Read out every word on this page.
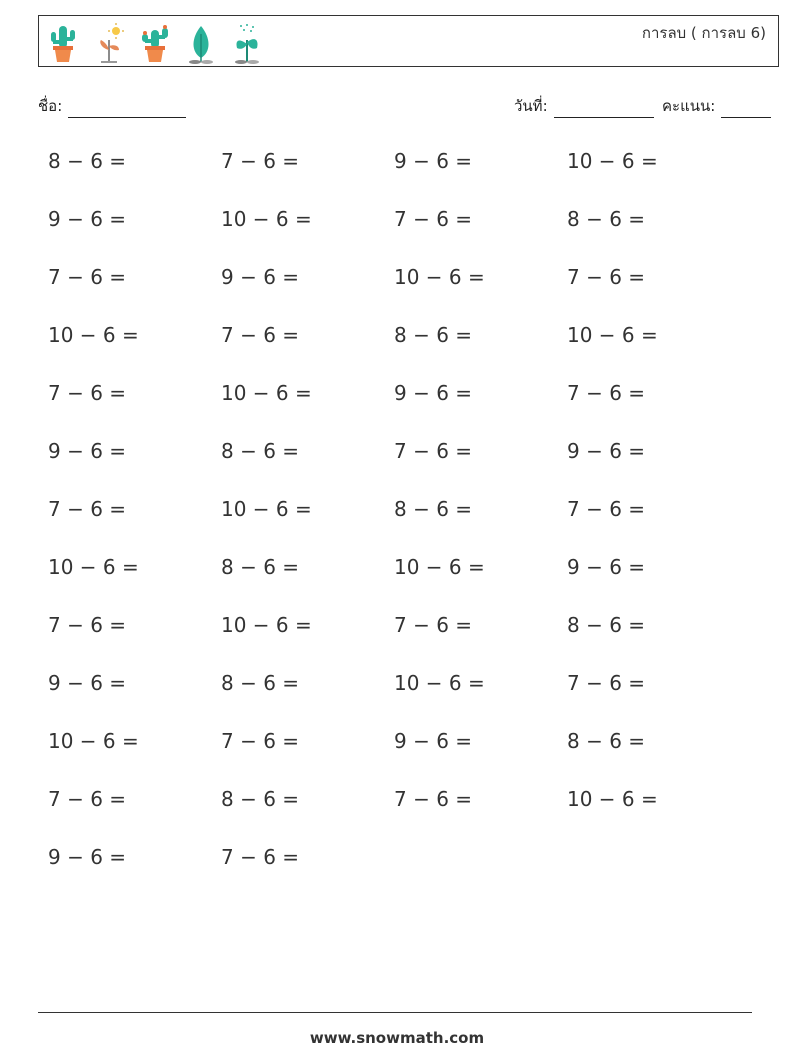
การลบ ( การลบ 6)
ชื่อ:	วันที่:	คะแนน:
8 − 6 =	7 − 6 =	9 − 6 =	10 − 6 =
9 − 6 =	10 − 6 =	7 − 6 =	8 − 6 =
7 − 6 =	9 − 6 =	10 − 6 =	7 − 6 =
10 − 6 =	7 − 6 =	8 − 6 =	10 − 6 =
7 − 6 =	10 − 6 =	9 − 6 =	7 − 6 =
9 − 6 =	8 − 6 =	7 − 6 =	9 − 6 =
7 − 6 =	10 − 6 =	8 − 6 =	7 − 6 =
10 − 6 =	8 − 6 =	10 − 6 =	9 − 6 =
7 − 6 =	10 − 6 =	7 − 6 =	8 − 6 =
9 − 6 =	8 − 6 =	10 − 6 =	7 − 6 =
10 − 6 =	7 − 6 =	9 − 6 =	8 − 6 =
7 − 6 =	8 − 6 =	7 − 6 =	10 − 6 =
9 − 6 =	7 − 6 =
www.snowmath.com
